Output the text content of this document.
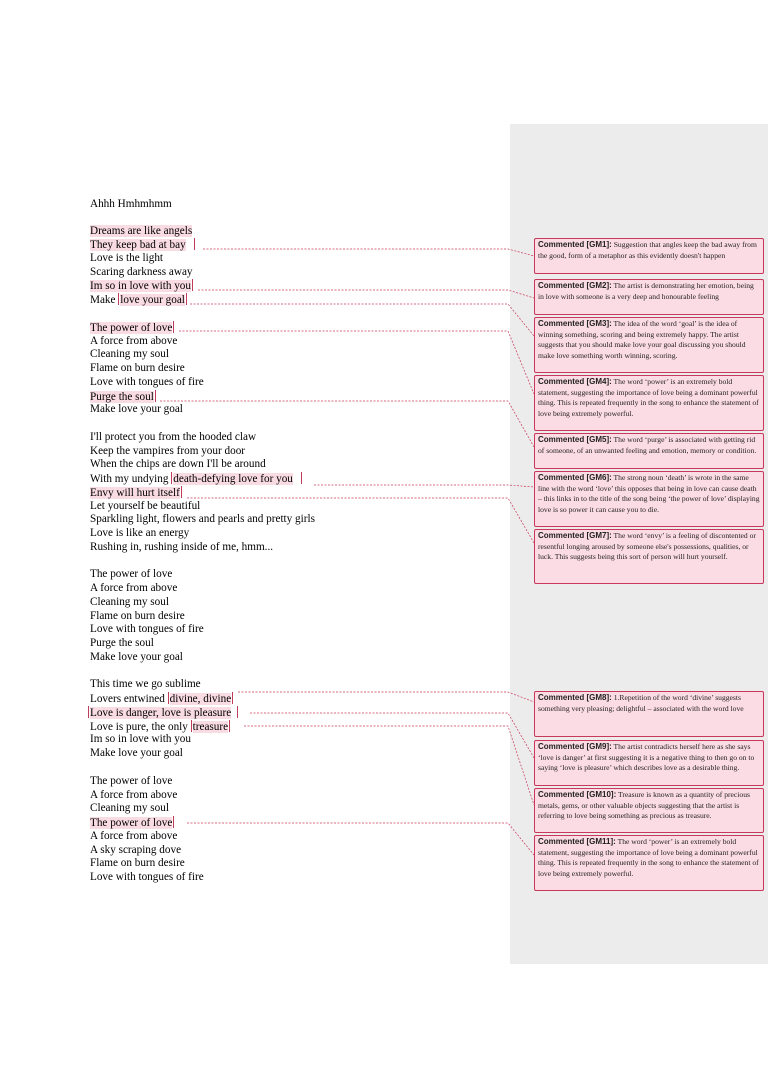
Ahhh Hmhmhmm
Dreams are like angels
They keep bad at bay
Love is the light
Scaring darkness away
Im so in love with you
Make love your goal
The power of love
A force from above
Cleaning my soul
Flame on burn desire
Love with tongues of fire
Purge the soul
Make love your goal
I'll protect you from the hooded claw
Keep the vampires from your door
When the chips are down I'll be around
With my undying death-defying love for you
Envy will hurt itself
Let yourself be beautiful
Sparkling light, flowers and pearls and pretty girls
Love is like an energy
Rushing in, rushing inside of me, hmm...
The power of love
A force from above
Cleaning my soul
Flame on burn desire
Love with tongues of fire
Purge the soul
Make love your goal
This time we go sublime
Lovers entwined divine, divine
Love is danger, love is pleasure
Love is pure, the only treasure
Im so in love with you
Make love your goal
The power of love
A force from above
Cleaning my soul
The power of love
A force from above
A sky scraping dove
Flame on burn desire
Love with tongues of fire
Commented [GM1]: Suggestion that angles keep the bad away from the good, form of a metaphor as this evidently doesn't happen
Commented [GM2]: The artist is demonstrating her emotion, being in love with someone is a very deep and honourable feeling
Commented [GM3]: The idea of the word ‘goal’ is the idea of winning something, scoring and being extremely happy. The artist suggests that you should make love your goal discussing you should make love something worth winning, scoring.
Commented [GM4]: The word ‘power’ is an extremely bold statement, suggesting the importance of love being a dominant powerful thing. This is repeated frequently in the song to enhance the statement of love being extremely powerful.
Commented [GM5]: The word ‘purge’ is associated with getting rid of someone, of an unwanted feeling and emotion, memory or condition.
Commented [GM6]: The strong noun ‘death’ is wrote in the same line with the word ‘love’ this opposes that being in love can cause death – this links in to the title of the song being ‘the power of love’ displaying love is so power it can cause you to die.
Commented [GM7]: The word ‘envy’ is a feeling of discontented or resentful longing aroused by someone else's possessions, qualities, or luck. This suggests being this sort of person will hurt yourself.
Commented [GM8]: 1.Repetition of the word ‘divine’ suggests something very pleasing; delightful – associated with the word love
Commented [GM9]: The artist contradicts herself here as she says ‘love is danger’ at first suggesting it is a negative thing to then go on to saying ‘love is pleasure’ which describes love as a desirable thing.
Commented [GM10]: Treasure is known as a quantity of precious metals, gems, or other valuable objects suggesting that the artist is referring to love being something as precious as treasure.
Commented [GM11]: The word ‘power’ is an extremely bold statement, suggesting the importance of love being a dominant powerful thing. This is repeated frequently in the song to enhance the statement of love being extremely powerful.
